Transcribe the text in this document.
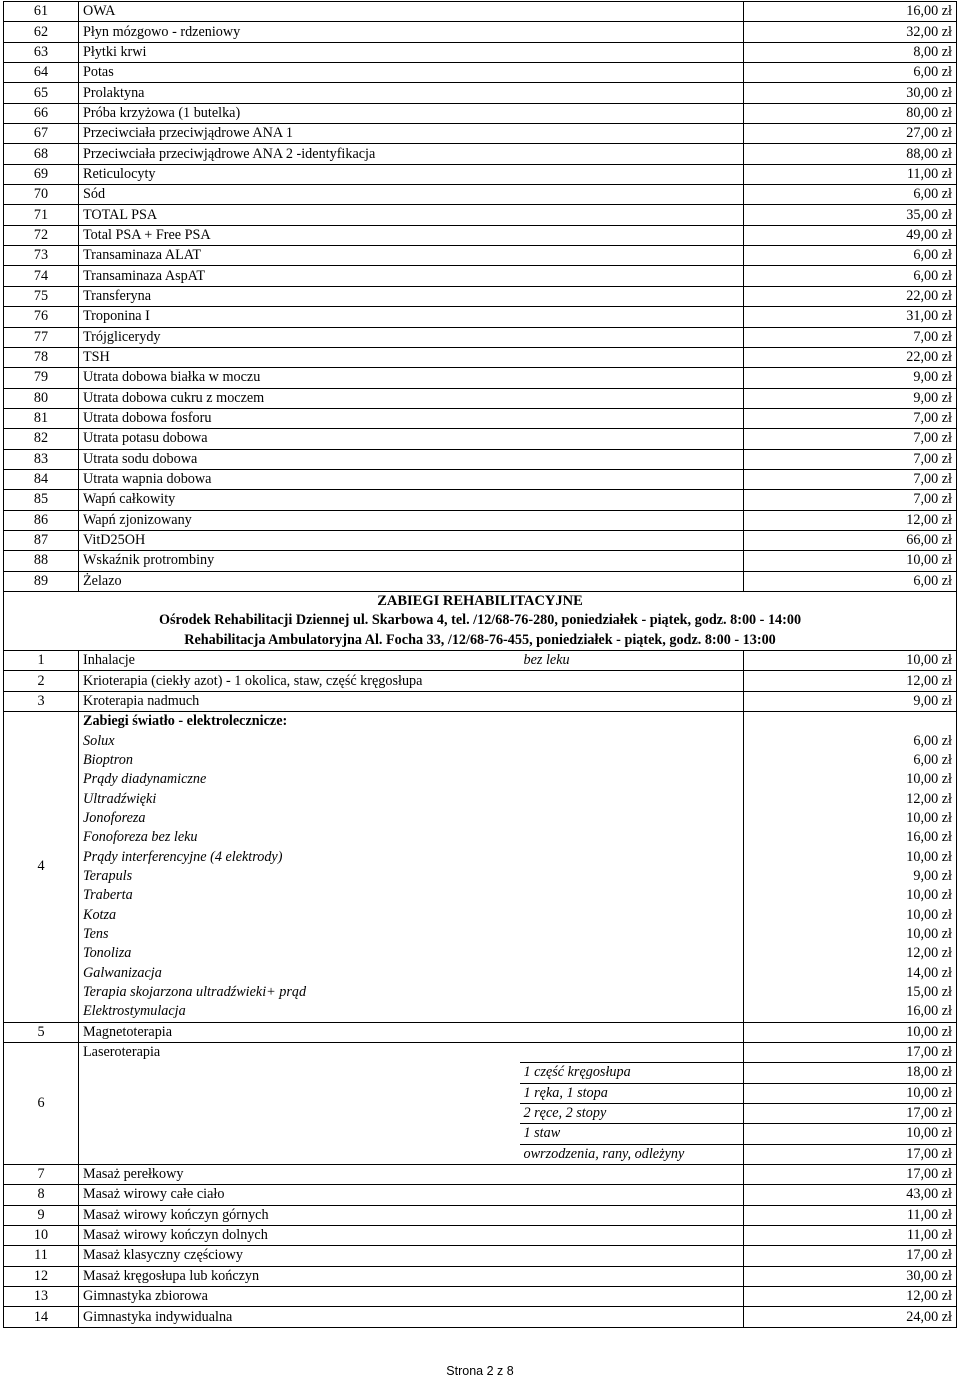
61	OWA		16,00 zł
62	Płyn mózgowo - rdzeniowy		32,00 zł
63	Płytki krwi		8,00 zł
64	Potas		6,00 zł
65	Prolaktyna		30,00 zł
66	Próba krzyżowa (1 butelka)		80,00 zł
67	Przeciwciała przeciwjądrowe ANA 1		27,00 zł
68	Przeciwciała przeciwjądrowe ANA 2 -identyfikacja		88,00 zł
69	Reticulocyty		11,00 zł
70	Sód		6,00 zł
71	TOTAL PSA		35,00 zł
72	Total PSA + Free PSA		49,00 zł
73	Transaminaza ALAT		6,00 zł
74	Transaminaza AspAT		6,00 zł
75	Transferyna		22,00 zł
76	Troponina I		31,00 zł
77	Trójglicerydy		7,00 zł
78	TSH		22,00 zł
79	Utrata dobowa białka w moczu		9,00 zł
80	Utrata dobowa cukru z moczem		9,00 zł
81	Utrata dobowa fosforu		7,00 zł
82	Utrata potasu dobowa		7,00 zł
83	Utrata sodu dobowa		7,00 zł
84	Utrata wapnia dobowa		7,00 zł
85	Wapń całkowity		7,00 zł
86	Wapń zjonizowany		12,00 zł
87	VitD25OH		66,00 zł
88	Wskaźnik protrombiny		10,00 zł
89	Żelazo		6,00 zł
ZABIEGI REHABILITACYJNE			
Ośrodek Rehabilitacji Dziennej ul. Skarbowa 4, tel. /12/68-76-280, poniedziałek - piątek, godz. 8:00 - 14:00			
Rehabilitacja Ambulatoryjna Al. Focha 33, /12/68-76-455, poniedziałek - piątek, godz. 8:00 - 13:00			
1	Inhalacje	bez leku	10,00 zł
2	Krioterapia (ciekły azot) - 1 okolica, staw, część kręgosłupa		12,00 zł
3	Kroterapia nadmuch		9,00 zł
4	Zabiegi światło - elektrolecznicze:		
	Solux		6,00 zł
	Bioptron		6,00 zł
	Prądy diadynamiczne		10,00 zł
	Ultradźwięki		12,00 zł
	Jonoforeza		10,00 zł
	Fonoforeza bez leku		16,00 zł
	Prądy interferencyjne (4 elektrody)		10,00 zł
	Terapuls		9,00 zł
	Traberta		10,00 zł
	Kotza		10,00 zł
	Tens		10,00 zł
	Tonoliza		12,00 zł
	Galwanizacja		14,00 zł
	Terapia skojarzona ultradźwieki+ prąd		15,00 zł
	Elektrostymulacja		16,00 zł
5	Magnetoterapia		10,00 zł
6	Laseroterapia		17,00 zł
		1 część kręgosłupa	18,00 zł
		1 ręka, 1 stopa	10,00 zł
		2 ręce, 2 stopy	17,00 zł
		1 staw	10,00 zł
		owrzodzenia, rany, odleżyny	17,00 zł
7	Masaż perełkowy		17,00 zł
8	Masaż wirowy całe ciało		43,00 zł
9	Masaż wirowy kończyn górnych		11,00 zł
10	Masaż wirowy kończyn dolnych		11,00 zł
11	Masaż klasyczny częściowy		17,00 zł
12	Masaż kręgosłupa lub kończyn		30,00 zł
13	Gimnastyka zbiorowa		12,00 zł
14	Gimnastyka indywidualna		24,00 zł
Strona 2 z 8
